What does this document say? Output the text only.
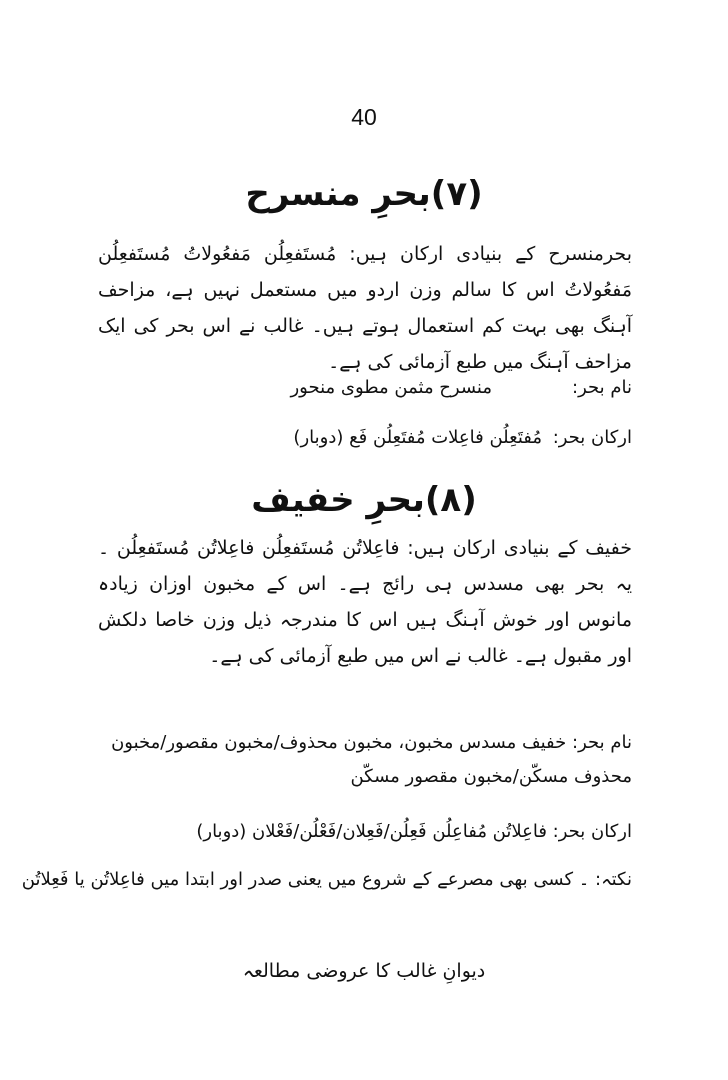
40
(۷)بحرِ منسرح
بحرمنسرح کے بنیادی ارکان ہیں: مُستَفعِلُن مَفعُولاتُ مُستَفعِلُن مَفعُولاتُ اس کا سالم وزن اردو میں مستعمل نہیں ہے، مزاحف آہنگ بھی بہت کم استعمال ہوتے ہیں۔ غالب نے اس بحر کی ایک مزاحف آہنگ میں طبع آزمائی کی ہے۔
نام بحر:
منسرح مثمن مطوی منحور
ارکان بحر:
مُفتَعِلُن فاعِلات مُفتَعِلُن فَع (دوبار)
(۸)بحرِ خفیف
خفیف کے بنیادی ارکان ہیں: فاعِلاتُن مُستَفعِلُن فاعِلاتُن مُستَفعِلُن ۔ یہ بحر بھی مسدس ہی رائج ہے۔ اس کے مخبون اوزان زیادہ مانوس اور خوش آہنگ ہیں اس کا مندرجہ ذیل وزن خاصا دلکش اور مقبول ہے۔ غالب نے اس میں طبع آزمائی کی ہے۔
نام بحر: خفیف مسدس مخبون، مخبون محذوف/مخبون مقصور/مخبون محذوف مسکّن/مخبون مقصور مسکّن
ارکان بحر: فاعِلاتُن مُفاعِلُن فَعِلُن/فَعِلان/فَعْلُن/فَعْلان (دوبار)
نکتہ: ۔ کسی بھی مصرعے کے شروع میں یعنی صدر اور ابتدا میں فاعِلاتُن یا فَعِلاتُن
دیوانِ غالب کا عروضی مطالعہ
